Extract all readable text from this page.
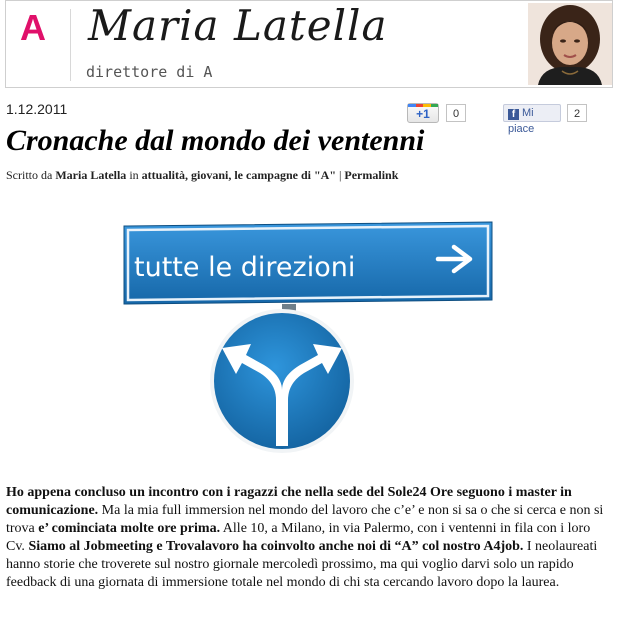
A Maria Latella
direttore di A
1.12.2011	+1	0	f Mi piace
2
Cronache dal mondo dei ventenni
Scritto da Maria Latella in attualità, giovani, le campagne di "A" | Permalink
tutte le direzioni
Ho appena concluso un incontro con i ragazzi che nella sede del Sole24 Ore seguono i master in comunicazione. Ma la mia full immersion nel mondo del lavoro che c’e’ e non si sa o che si cerca e non si trova e’ cominciata molte ore prima. Alle 10, a Milano, in via Palermo, con i ventenni in fila con i loro Cv. Siamo al Jobmeeting e Trovalavoro ha coinvolto anche noi di “A” col nostro A4job. I neolaureati hanno storie che troverete sul nostro giornale mercoledì prossimo, ma qui voglio darvi solo un rapido feedback di una giornata di immersione totale nel mondo di chi sta cercando lavoro dopo la laurea.
